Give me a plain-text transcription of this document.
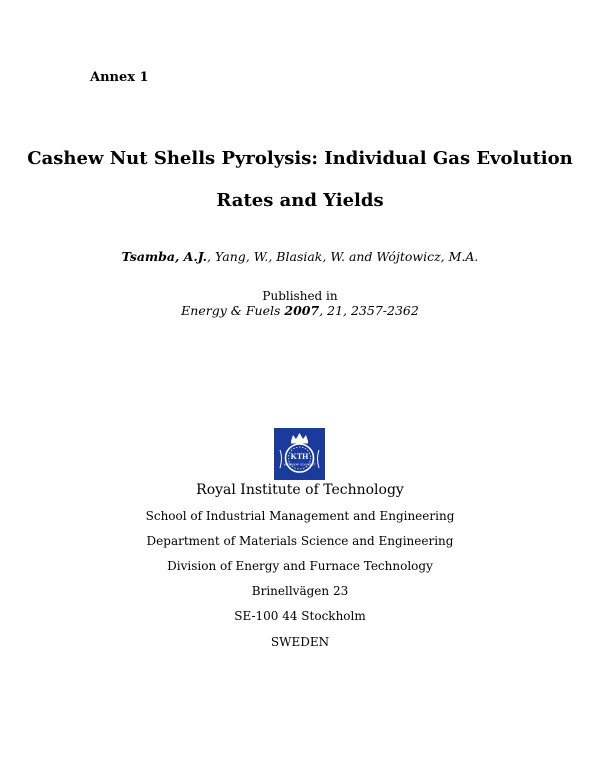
Annex 1
Cashew Nut Shells Pyrolysis: Individual Gas Evolution
Rates and Yields
Tsamba, A.J., Yang, W., Blasiak, W. and Wójtowicz, M.A.
Published in
Energy & Fuels 2007, 21, 2357-2362
KTH
VETENSKAP OCH KONST
Royal Institute of Technology
School of Industrial Management and Engineering
Department of Materials Science and Engineering
Division of Energy and Furnace Technology
Brinellvägen 23
SE-100 44 Stockholm
SWEDEN
